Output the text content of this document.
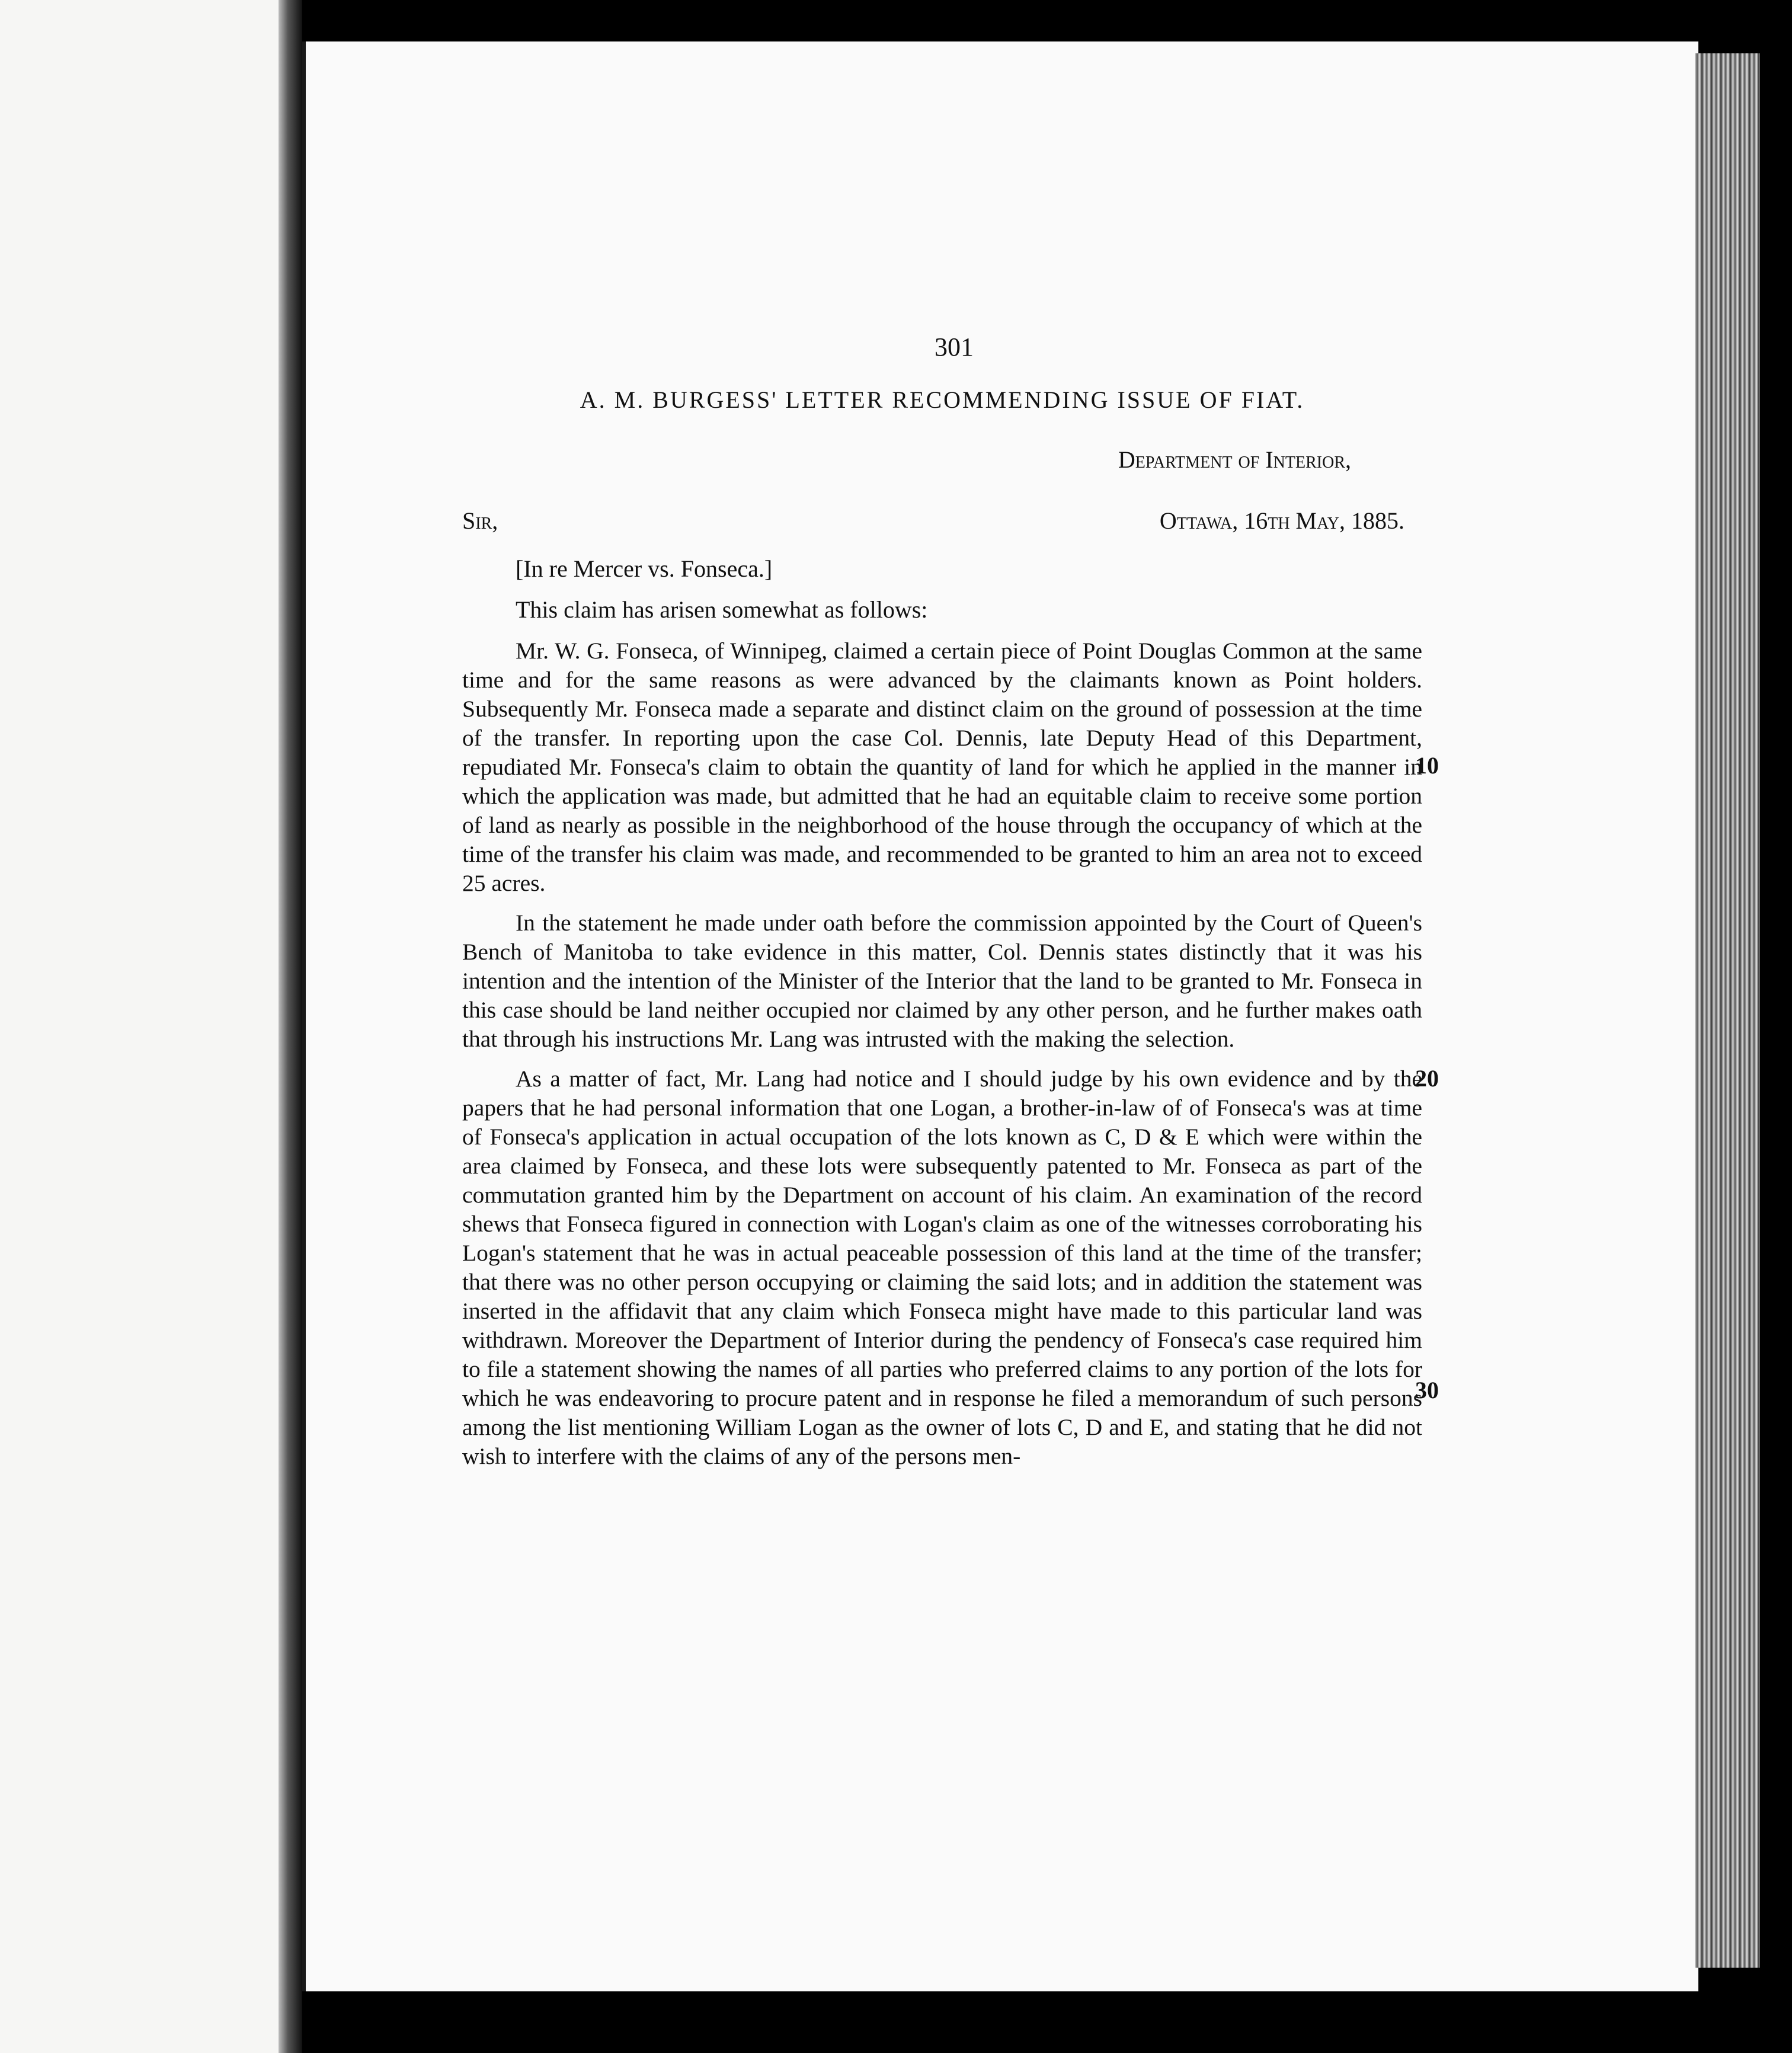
301
A. M. BURGESS' LETTER RECOMMENDING ISSUE OF FIAT.
Department of Interior,
Sir,	Ottawa, 16th May, 1885.
[In re Mercer vs. Fonseca.]
This claim has arisen somewhat as follows:

Mr. W. G. Fonseca, of Winnipeg, claimed a certain piece of Point Douglas Common at the same time and for the same reasons as were advanced by the claimants known as Point holders. Subsequently Mr. Fonseca made a separate and distinct claim on the ground of possession at the time of the transfer. In reporting upon the case Col. Dennis, late Deputy Head of this Department, repudiated Mr. Fonseca's claim to obtain the quantity of land for which he applied in the manner in which the application was made, but admitted that he had an equitable claim to receive some portion of land as nearly as possible in the neighborhood of the house through the occupancy of which at the time of the transfer his claim was made, and recommended to be granted to him an area not to exceed 25 acres.

In the statement he made under oath before the commission appointed by the Court of Queen's Bench of Manitoba to take evidence in this matter, Col. Dennis states distinctly that it was his intention and the intention of the Minister of the Interior that the land to be granted to Mr. Fonseca in this case should be land neither occupied nor claimed by any other person, and he further makes oath that through his instructions Mr. Lang was intrusted with the making the selection.

As a matter of fact, Mr. Lang had notice and I should judge by his own evidence and by the papers that he had personal information that one Logan, a brother-in-law of of Fonseca's was at time of Fonseca's application in actual occupation of the lots known as C, D & E which were within the area claimed by Fonseca, and these lots were subsequently patented to Mr. Fonseca as part of the commutation granted him by the Department on account of his claim. An examination of the record shews that Fonseca figured in connection with Logan's claim as one of the witnesses corroborating his Logan's statement that he was in actual peaceable possession of this land at the time of the transfer; that there was no other person occupying or claiming the said lots; and in addition the statement was inserted in the affidavit that any claim which Fonseca might have made to this particular land was withdrawn. Moreover the Department of Interior during the pendency of Fonseca's case required him to file a statement showing the names of all parties who preferred claims to any portion of the lots for which he was endeavoring to procure patent and in response he filed a memorandum of such persons among the list mentioning William Logan as the owner of lots C, D and E, and stating that he did not wish to interfere with the claims of any of the persons men-

10
20
30
